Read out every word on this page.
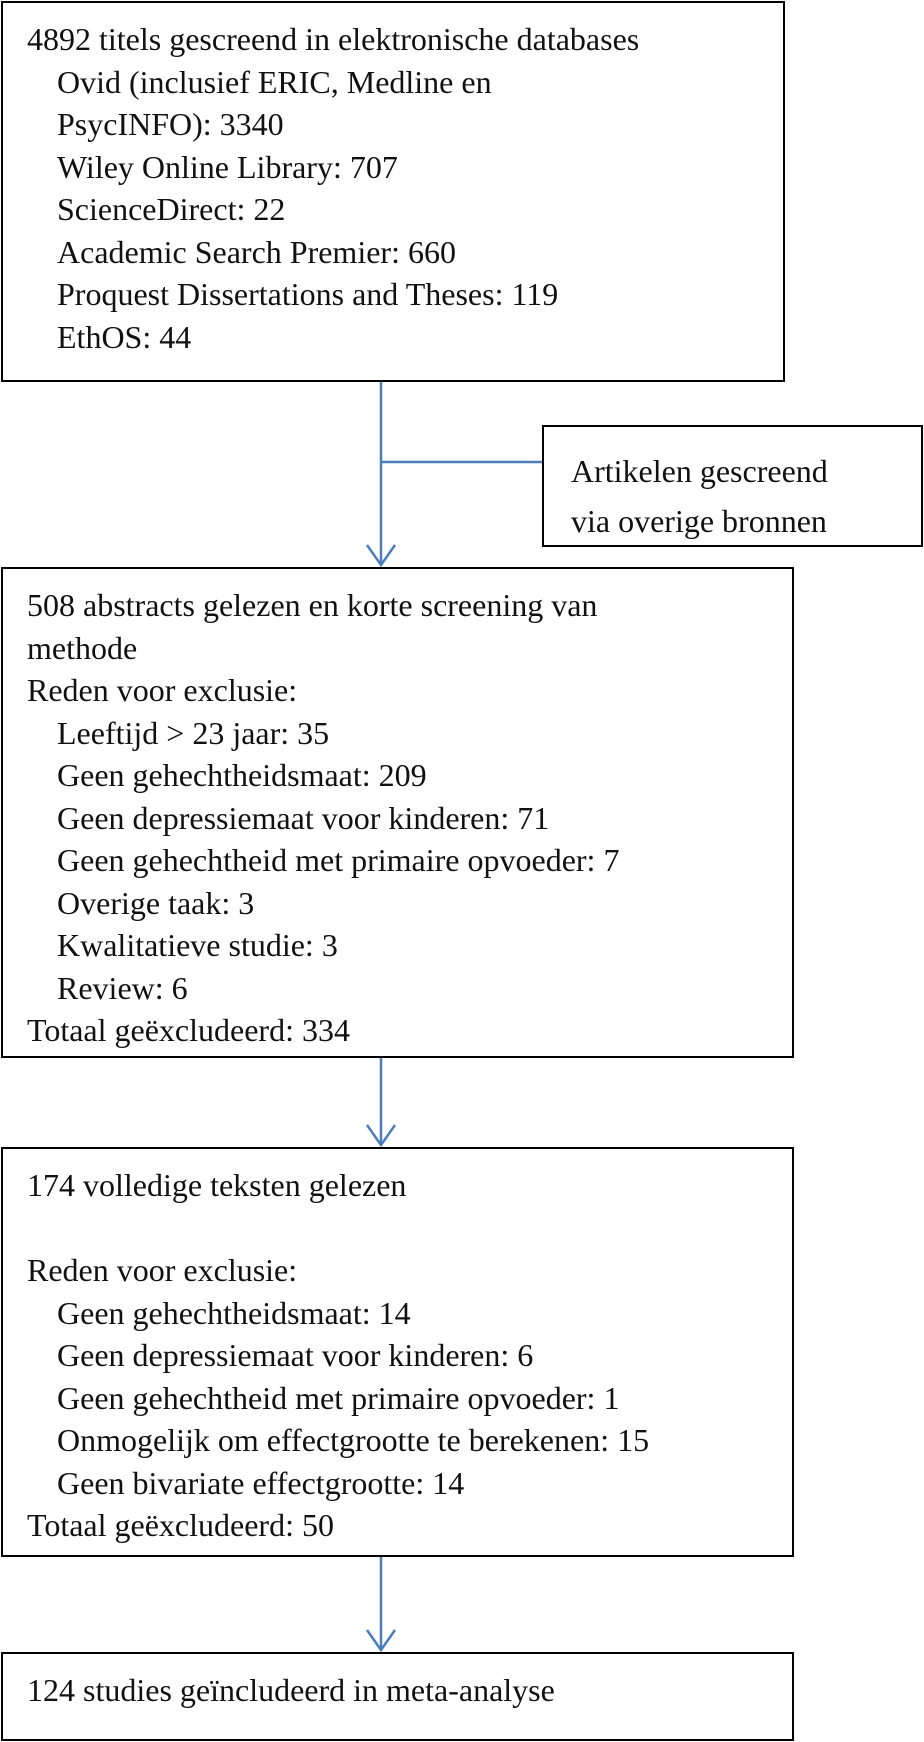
4892 titels gescreend in elektronische databases
Ovid (inclusief ERIC, Medline en
PsycINFO): 3340
Wiley Online Library: 707
ScienceDirect: 22
Academic Search Premier: 660
Proquest Dissertations and Theses: 119
EthOS: 44
Artikelen gescreend
via overige bronnen
508 abstracts gelezen en korte screening van
methode
Reden voor exclusie:
Leeftijd > 23 jaar: 35
Geen gehechtheidsmaat: 209
Geen depressiemaat voor kinderen: 71
Geen gehechtheid met primaire opvoeder: 7
Overige taak: 3
Kwalitatieve studie: 3
Review: 6
Totaal geëxcludeerd: 334
174 volledige teksten gelezen
Reden voor exclusie:
Geen gehechtheidsmaat: 14
Geen depressiemaat voor kinderen: 6
Geen gehechtheid met primaire opvoeder: 1
Onmogelijk om effectgrootte te berekenen: 15
Geen bivariate effectgrootte: 14
Totaal geëxcludeerd: 50
124 studies geïncludeerd in meta-analyse
